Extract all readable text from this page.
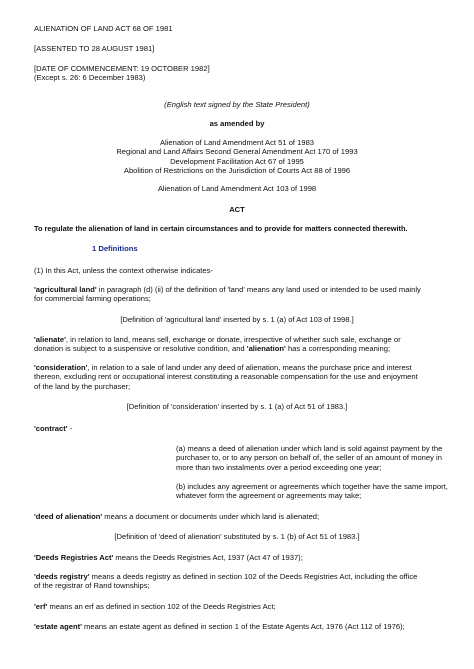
ALIENATION OF LAND ACT 68 OF 1981
[ASSENTED TO 28 AUGUST 1981]
[DATE OF COMMENCEMENT: 19 OCTOBER 1982]
(Except s. 26: 6 December 1983)
(English text signed by the State President)
as amended by
Alienation of Land Amendment Act 51 of 1983
Regional and Land Affairs Second General Amendment Act 170 of 1993
Development Facilitation Act 67 of 1995
Abolition of Restrictions on the Jurisdiction of Courts Act 88 of 1996
Alienation of Land Amendment Act 103 of 1998
ACT
To regulate the alienation of land in certain circumstances and to provide for matters connected therewith.
1 Definitions
(1) In this Act, unless the context otherwise indicates-
'agricultural land' in paragraph (d) (ii) of the definition of 'land' means any land used or intended to be used mainly
for commercial farming operations;
[Definition of 'agricultural land' inserted by s. 1 (a) of Act 103 of 1998.]
'alienate', in relation to land, means sell, exchange or donate, irrespective of whether such sale, exchange or
donation is subject to a suspensive or resolutive condition, and 'alienation' has a corresponding meaning;
'consideration', in relation to a sale of land under any deed of alienation, means the purchase price and interest
thereon, excluding rent or occupational interest constituting a reasonable compensation for the use and enjoyment
of the land by the purchaser;
[Definition of 'consideration' inserted by s. 1 (a) of Act 51 of 1983.]
'contract' -
(a) means a deed of alienation under which land is sold against payment by the
purchaser to, or to any person on behalf of, the seller of an amount of money in
more than two instalments over a period exceeding one year;
(b) includes any agreement or agreements which together have the same import,
whatever form the agreement or agreements may take;
'deed of alienation' means a document or documents under which land is alienated;
[Definition of 'deed of alienation' substituted by s. 1 (b) of Act 51 of 1983.]
'Deeds Registries Act' means the Deeds Registries Act, 1937 (Act 47 of 1937);
'deeds registry' means a deeds registry as defined in section 102 of the Deeds Registries Act, including the office
of the registrar of Rand townships;
'erf' means an erf as defined in section 102 of the Deeds Registries Act;
'estate agent' means an estate agent as defined in section 1 of the Estate Agents Act, 1976 (Act 112 of 1976);
